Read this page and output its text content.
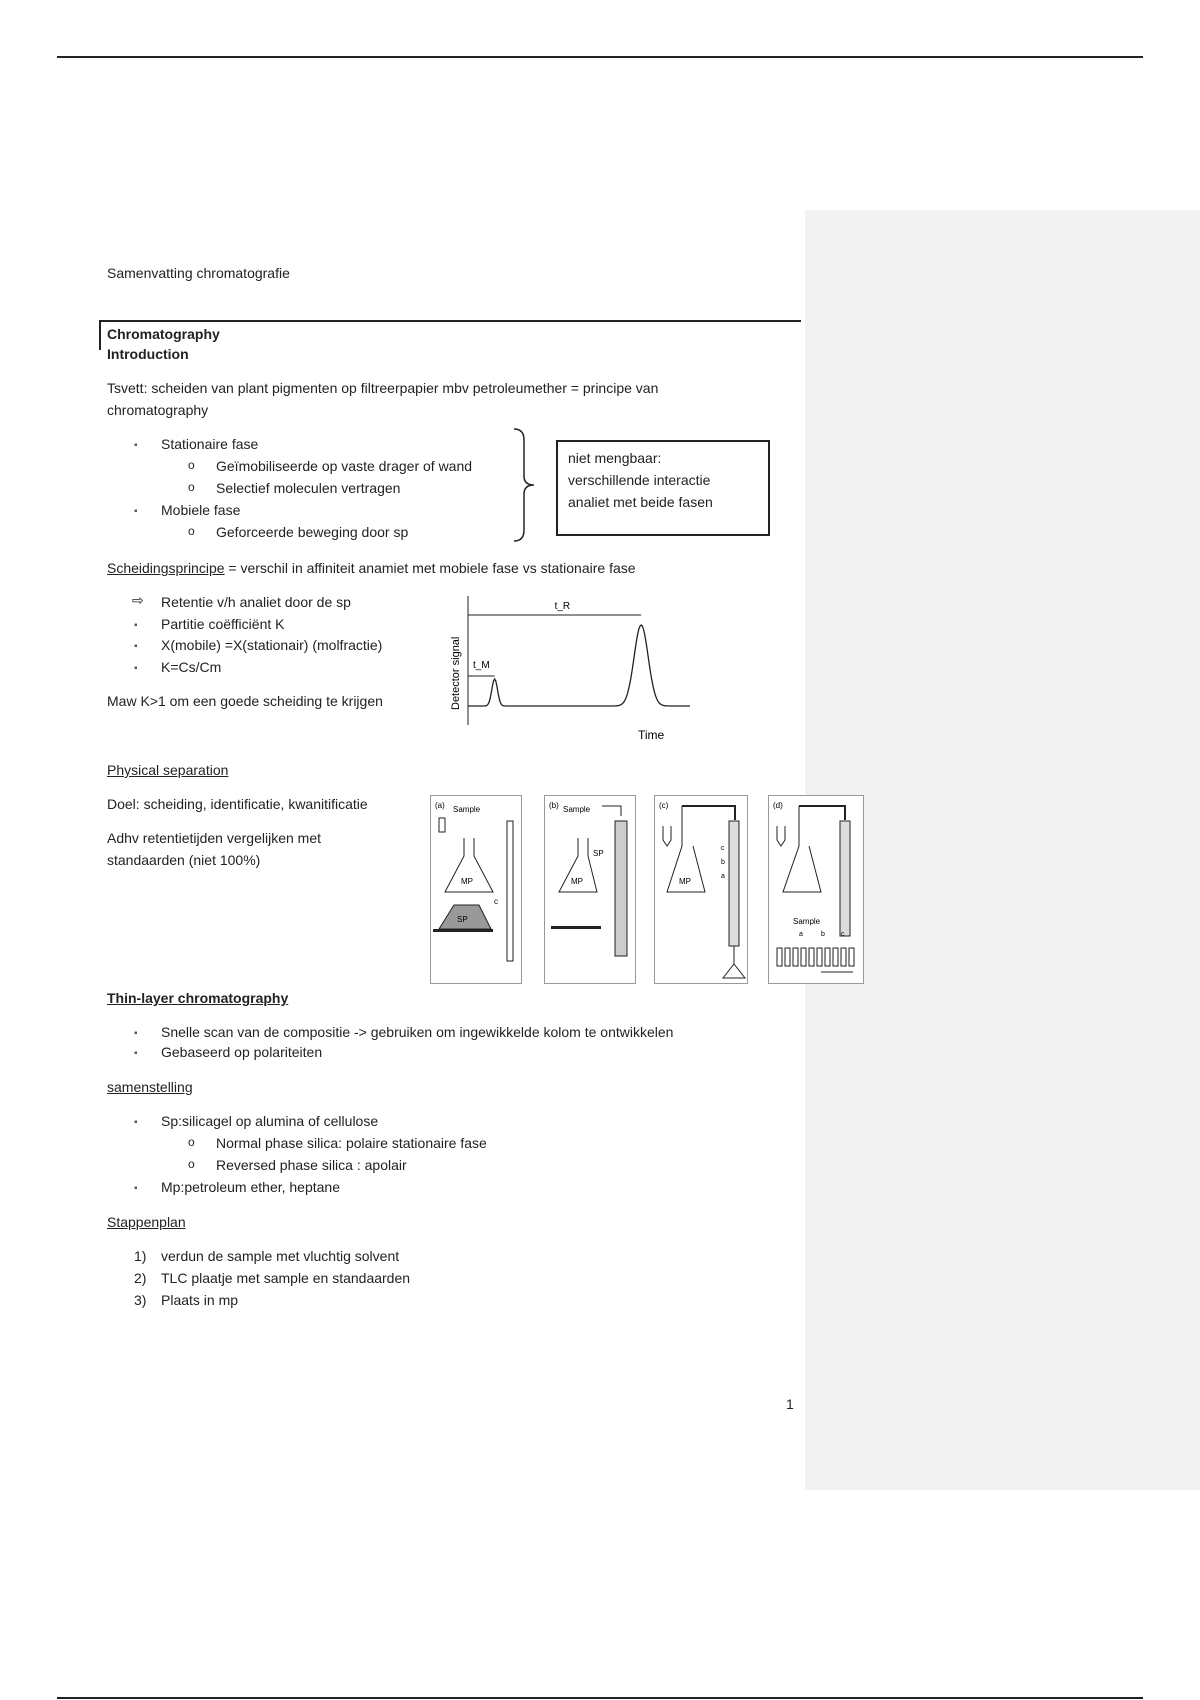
Samenvatting chromatografie
Chromatography
Introduction
Tsvett: scheiden van plant pigmenten op filtreerpapier mbv petroleumether = principe van
chromatography
▪ Stationaire fase
o Geïmobiliseerde op vaste drager of wand
o Selectief moleculen vertragen
▪ Mobiele fase
o Geforceerde beweging door sp
niet mengbaar:
verschillende interactie
analiet met beide fasen
Scheidingsprincipe = verschil in affiniteit anamiet met mobiele fase vs stationaire fase
⇨ Retentie v/h analiet door de sp
▪ Partitie coëfficiënt K
▪ X(mobile) =X(stationair) (molfractie)
▪ K=Cs/Cm
Maw K>1 om een goede scheiding te krijgen	Detector signal
Time
t_R
t_M
Physical separation
Doel: scheiding, identificatie, kwanitificatie
Adhv retentietijden vergelijken met
standaarden (niet 100%)
(a) Sample
MP
SP
c
(b) Sample
MP
SP
(c)
MP
c
b
a
(d)
Sample
a	b c
Thin-layer chromatography
▪ Snelle scan van de compositie -> gebruiken om ingewikkelde kolom te ontwikkelen
▪ Gebaseerd op polariteiten
samenstelling
▪ Sp:silicagel op alumina of cellulose
o Normal phase silica: polaire stationaire fase
o Reversed phase silica : apolair
▪ Mp:petroleum ether, heptane
Stappenplan
1) verdun de sample met vluchtig solvent
2) TLC plaatje met sample en standaarden
3) Plaats in mp
1
